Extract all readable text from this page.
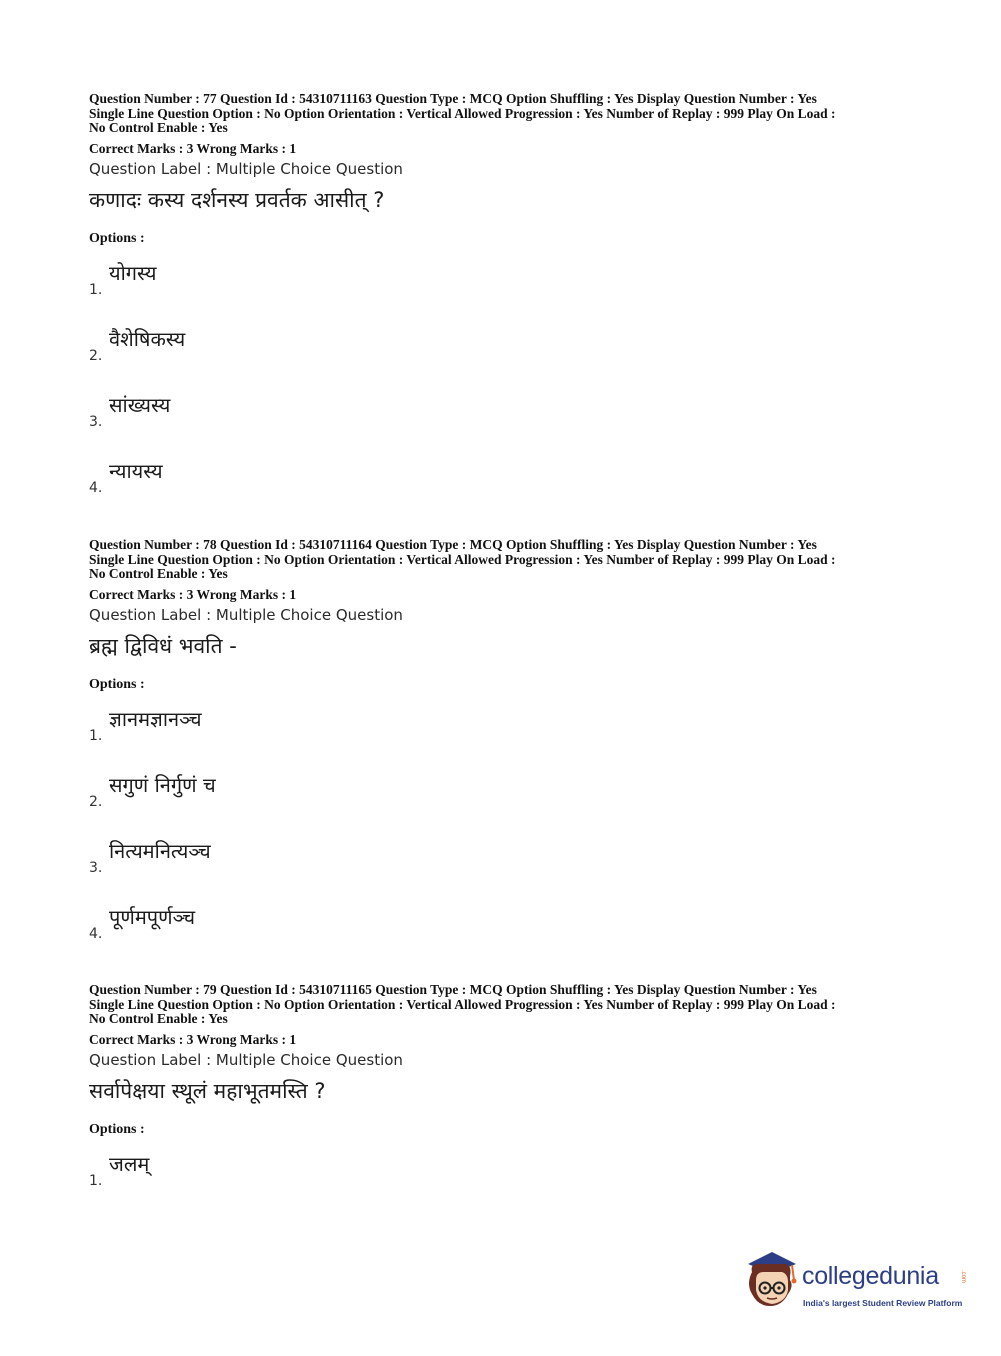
Question Number : 77 Question Id : 54310711163 Question Type : MCQ Option Shuffling : Yes Display Question Number : Yes
Single Line Question Option : No Option Orientation : Vertical Allowed Progression : Yes Number of Replay : 999 Play On Load :
No Control Enable : Yes
Correct Marks : 3 Wrong Marks : 1
Question Label : Multiple Choice Question
कणादः कस्य दर्शनस्य प्रवर्तक आसीत् ?
Options :
1.
योगस्य
2.
वैशेषिकस्य
3.
सांख्यस्य
4.
न्यायस्य
Question Number : 78 Question Id : 54310711164 Question Type : MCQ Option Shuffling : Yes Display Question Number : Yes
Single Line Question Option : No Option Orientation : Vertical Allowed Progression : Yes Number of Replay : 999 Play On Load :
No Control Enable : Yes
Correct Marks : 3 Wrong Marks : 1
Question Label : Multiple Choice Question
ब्रह्म द्विविधं भवति -
Options :
1.
ज्ञानमज्ञानञ्च
2.
सगुणं निर्गुणं च
3.
नित्यमनित्यञ्च
4.
पूर्णमपूर्णञ्च
Question Number : 79 Question Id : 54310711165 Question Type : MCQ Option Shuffling : Yes Display Question Number : Yes
Single Line Question Option : No Option Orientation : Vertical Allowed Progression : Yes Number of Replay : 999 Play On Load :
No Control Enable : Yes
Correct Marks : 3 Wrong Marks : 1
Question Label : Multiple Choice Question
सर्वापेक्षया स्थूलं महाभूतमस्ति ?
Options :
1.
जलम्
collegedunia	.com
India's largest Student Review Platform
